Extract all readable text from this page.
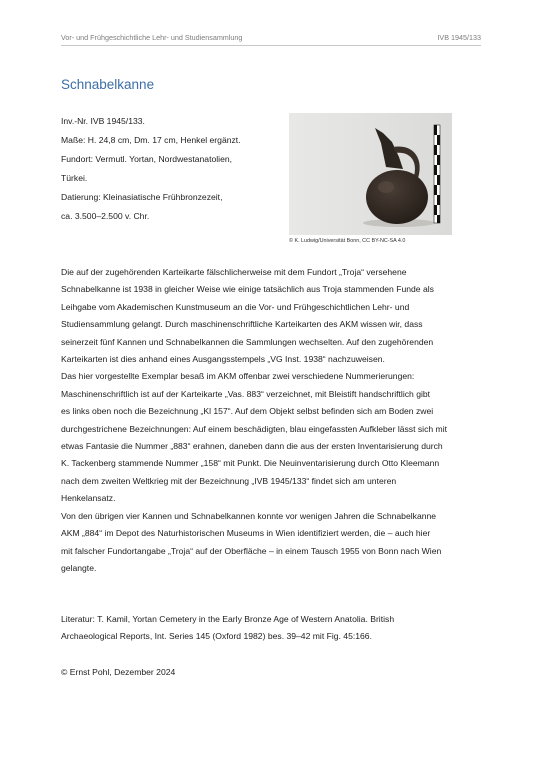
Vor- und Frühgeschichtliche Lehr- und Studiensammlung	IVB 1945/133
Schnabelkanne
Inv.-Nr. IVB 1945/133.
Maße: H. 24,8 cm, Dm. 17 cm, Henkel ergänzt.
Fundort: Vermutl. Yortan, Nordwestanatolien,
Türkei.
Datierung: Kleinasiatische Frühbronzezeit,
ca. 3.500–2.500 v. Chr.
© K. Ludwig/Universität Bonn, CC BY-NC-SA 4.0
Die auf der zugehörenden Karteikarte fälschlicherweise mit dem Fundort „Troja“ versehene
Schnabelkanne ist 1938 in gleicher Weise wie einige tatsächlich aus Troja stammenden Funde als
Leihgabe vom Akademischen Kunstmuseum an die Vor- und Frühgeschichtlichen Lehr- und
Studiensammlung gelangt. Durch maschinenschriftliche Karteikarten des AKM wissen wir, dass
seinerzeit fünf Kannen und Schnabelkannen die Sammlungen wechselten. Auf den zugehörenden
Karteikarten ist dies anhand eines Ausgangsstempels „VG Inst. 1938“ nachzuweisen.
Das hier vorgestellte Exemplar besaß im AKM offenbar zwei verschiedene Nummerierungen:
Maschinenschriftlich ist auf der Karteikarte „Vas. 883“ verzeichnet, mit Bleistift handschriftlich gibt
es links oben noch die Bezeichnung „Kl 157“. Auf dem Objekt selbst befinden sich am Boden zwei
durchgestrichene Bezeichnungen: Auf einem beschädigten, blau eingefassten Aufkleber lässt sich mit
etwas Fantasie die Nummer „883“ erahnen, daneben dann die aus der ersten Inventarisierung durch
K. Tackenberg stammende Nummer „158“ mit Punkt. Die Neuinventarisierung durch Otto Kleemann
nach dem zweiten Weltkrieg mit der Bezeichnung „IVB 1945/133“ findet sich am unteren
Henkelansatz.
Von den übrigen vier Kannen und Schnabelkannen konnte vor wenigen Jahren die Schnabelkanne
AKM „884“ im Depot des Naturhistorischen Museums in Wien identifiziert werden, die – auch hier
mit falscher Fundortangabe „Troja“ auf der Oberfläche – in einem Tausch 1955 von Bonn nach Wien
gelangte.
Literatur: T. Kamil, Yortan Cemetery in the Early Bronze Age of Western Anatolia. British
Archaeological Reports, Int. Series 145 (Oxford 1982) bes. 39–42 mit Fig. 45:166.
© Ernst Pohl, Dezember 2024
